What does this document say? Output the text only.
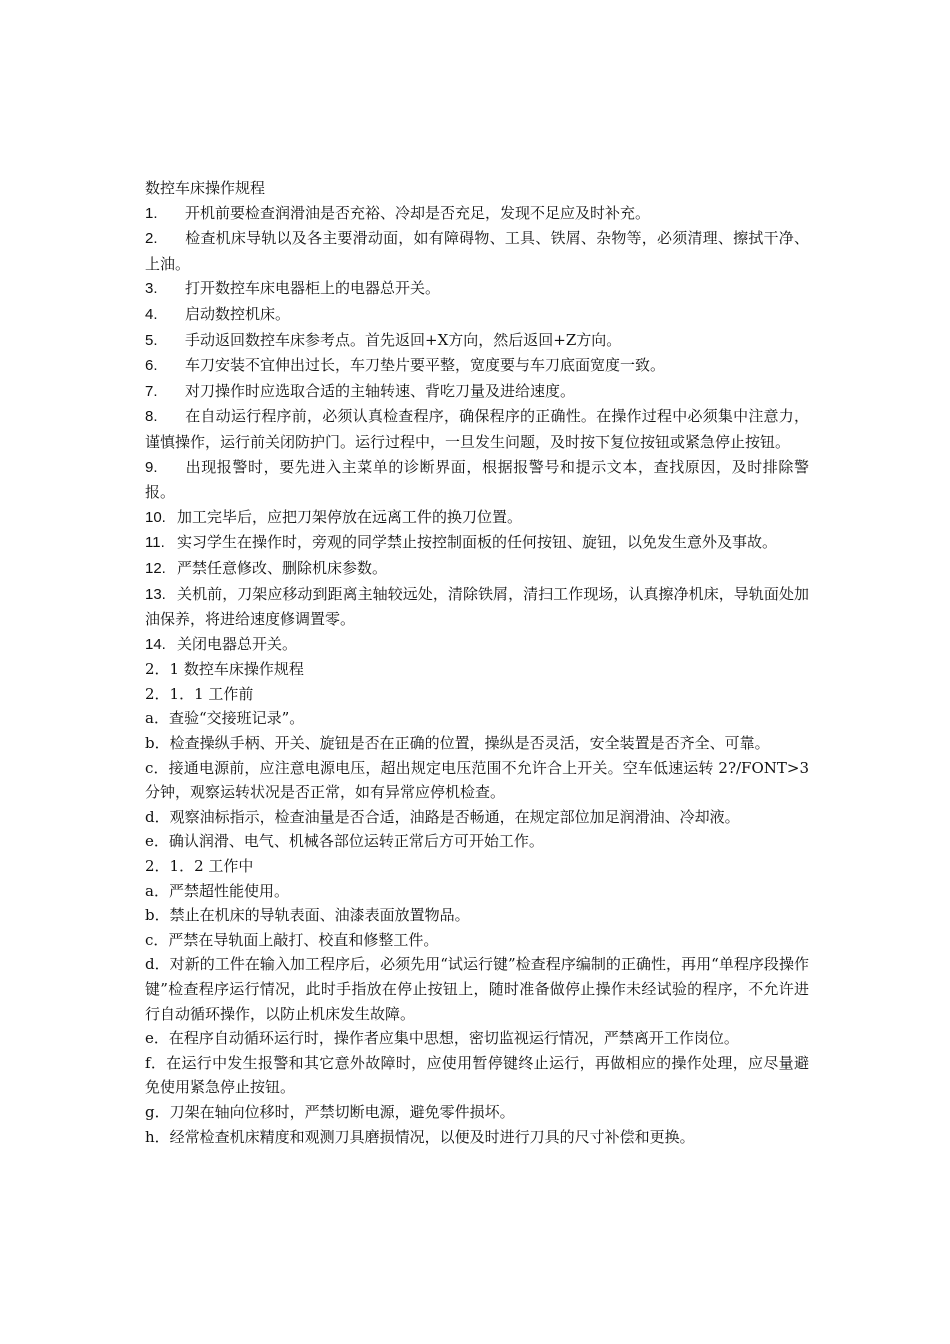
数控车床操作规程

1. 开机前要检查润滑油是否充裕、冷却是否充足，发现不足应及时补充。

2. 检查机床导轨以及各主要滑动面，如有障碍物、工具、铁屑、杂物等，必须清理、擦拭干净、上油。

3. 打开数控车床电器柜上的电器总开关。

4. 启动数控机床。

5. 手动返回数控车床参考点。首先返回+X方向，然后返回+Z方向。

6. 车刀安装不宜伸出过长，车刀垫片要平整，宽度要与车刀底面宽度一致。

7. 对刀操作时应选取合适的主轴转速、背吃刀量及进给速度。

8. 在自动运行程序前，必须认真检查程序，确保程序的正确性。在操作过程中必须集中注意力，谨慎操作，运行前关闭防护门。运行过程中，一旦发生问题，及时按下复位按钮或紧急停止按钮。

9. 出现报警时，要先进入主菜单的诊断界面，根据报警号和提示文本，查找原因，及时排除警报。

10. 加工完毕后，应把刀架停放在远离工件的换刀位置。

11. 实习学生在操作时，旁观的同学禁止按控制面板的任何按钮、旋钮，以免发生意外及事故。

12. 严禁任意修改、删除机床参数。

13. 关机前，刀架应移动到距离主轴较远处，清除铁屑，清扫工作现场，认真擦净机床，导轨面处加油保养，将进给速度修调置零。

14. 关闭电器总开关。

2．1 数控车床操作规程

2．1．1 工作前

a．查验“交接班记录”。

b．检查操纵手柄、开关、旋钮是否在正确的位置，操纵是否灵活，安全装置是否齐全、可靠。

c．接通电源前，应注意电源电压，超出规定电压范围不允许合上开关。空车低速运转 2?/FONT>3 分钟，观察运转状况是否正常，如有异常应停机检查。

d．观察油标指示，检查油量是否合适，油路是否畅通，在规定部位加足润滑油、冷却液。

e．确认润滑、电气、机械各部位运转正常后方可开始工作。

2．1．2 工作中

a．严禁超性能使用。

b．禁止在机床的导轨表面、油漆表面放置物品。

c．严禁在导轨面上敲打、校直和修整工件。

d．对新的工件在输入加工程序后，必须先用“试运行键”检查程序编制的正确性，再用“单程序段操作键”检查程序运行情况，此时手指放在停止按钮上，随时准备做停止操作未经试验的程序，不允许进行自动循环操作，以防止机床发生故障。

e．在程序自动循环运行时，操作者应集中思想，密切监视运行情况，严禁离开工作岗位。

f．在运行中发生报警和其它意外故障时，应使用暂停键终止运行，再做相应的操作处理，应尽量避免使用紧急停止按钮。

g．刀架在轴向位移时，严禁切断电源，避免零件损坏。

h．经常检查机床精度和观测刀具磨损情况，以便及时进行刀具的尺寸补偿和更换。
